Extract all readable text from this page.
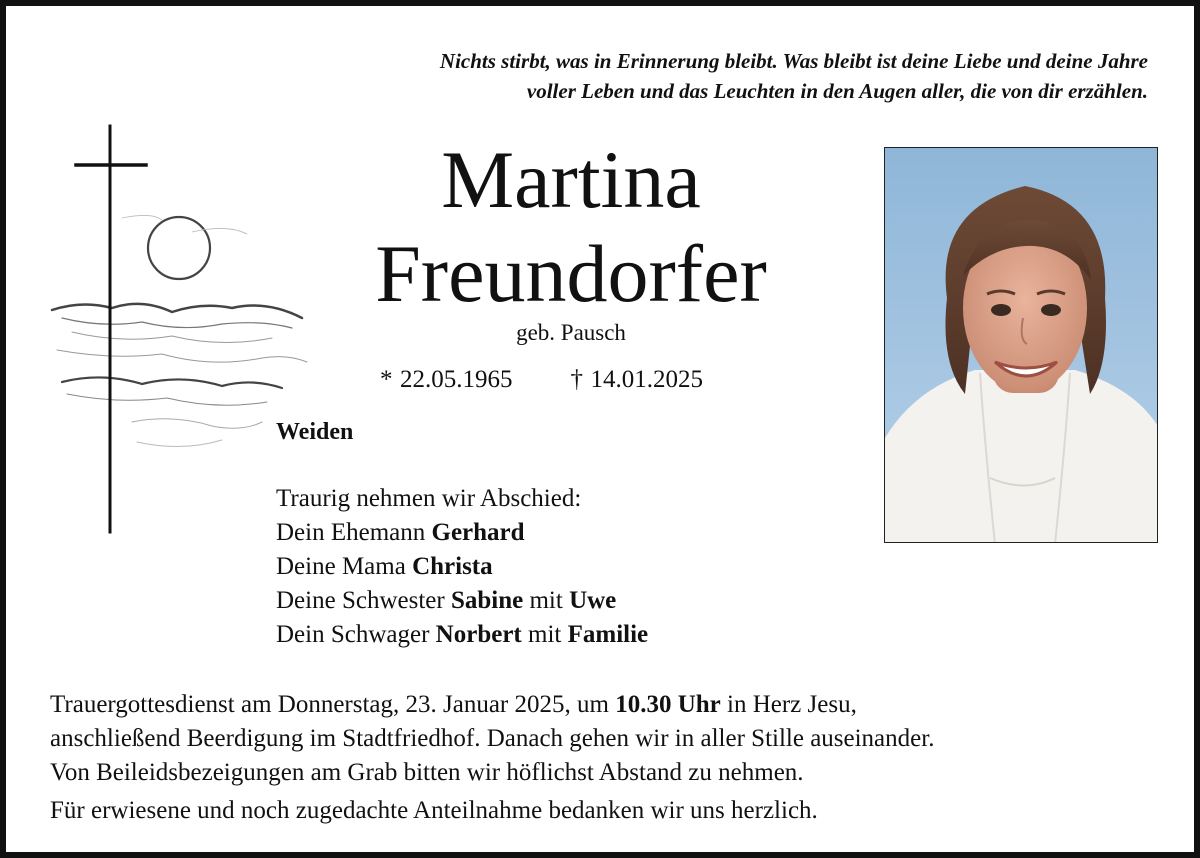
Nichts stirbt, was in Erinnerung bleibt. Was bleibt ist deine Liebe und deine Jahre
voller Leben und das Leuchten in den Augen aller, die von dir erzählen.
Martina
Freundorfer
geb. Pausch
* 22.05.1965 † 14.01.2025
Weiden
Traurig nehmen wir Abschied:
Dein Ehemann Gerhard
Deine Mama Christa
Deine Schwester Sabine mit Uwe
Dein Schwager Norbert mit Familie
Trauergottesdienst am Donnerstag, 23. Januar 2025, um 10.30 Uhr in Herz Jesu,
anschließend Beerdigung im Stadtfriedhof. Danach gehen wir in aller Stille auseinander.
Von Beileidsbezeigungen am Grab bitten wir höflichst Abstand zu nehmen.
Für erwiesene und noch zugedachte Anteilnahme bedanken wir uns herzlich.
